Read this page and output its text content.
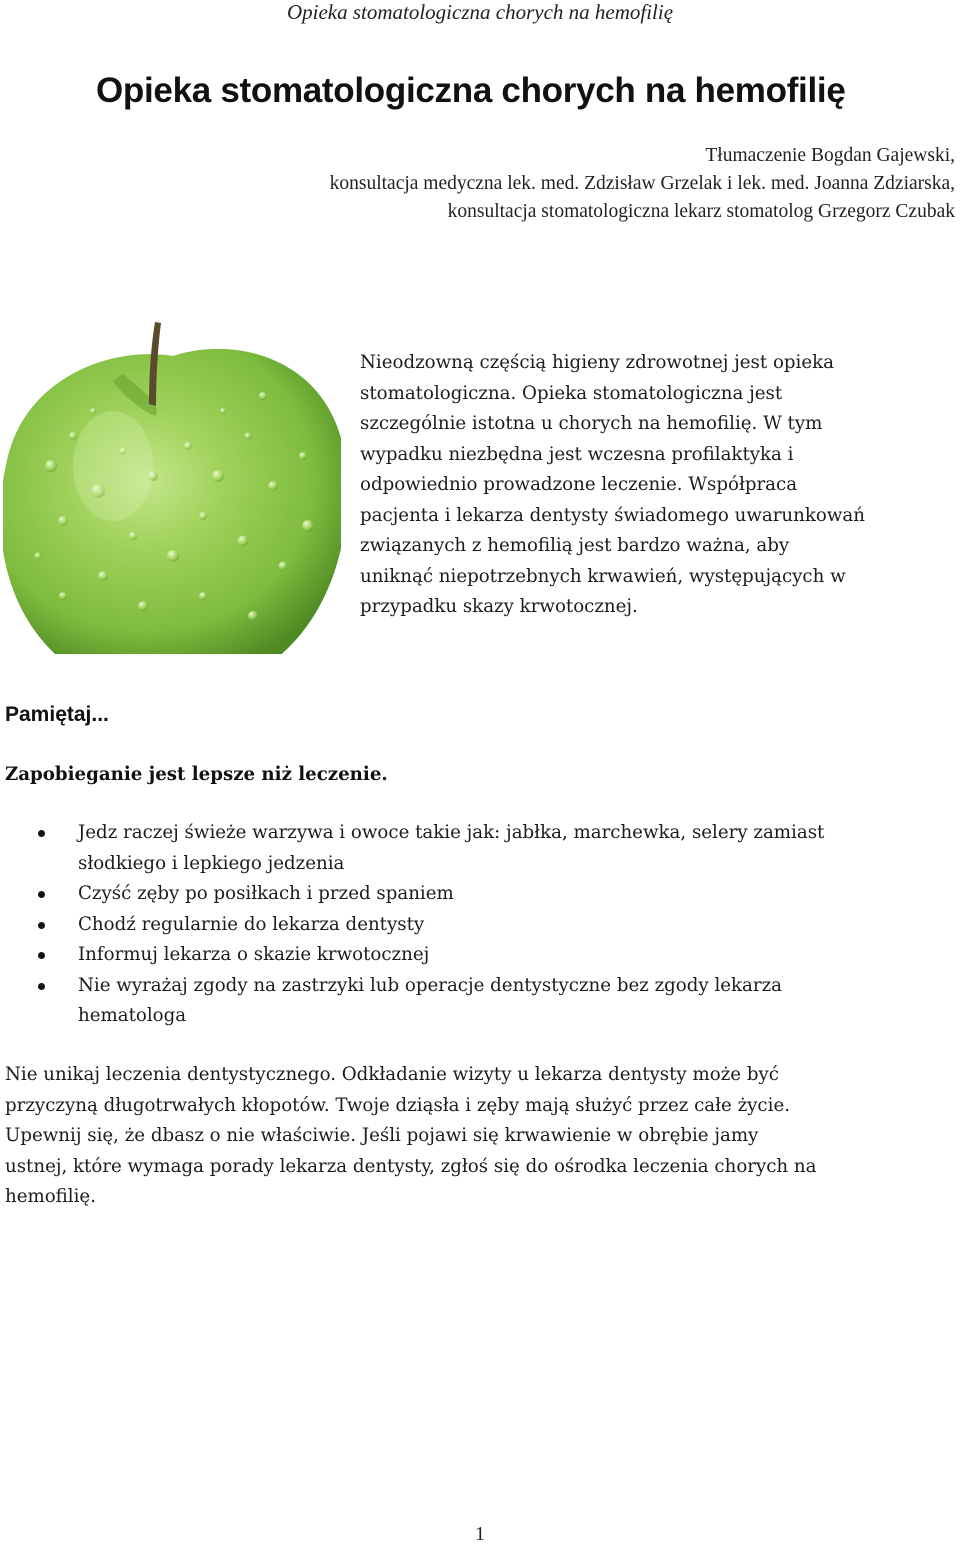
Opieka stomatologiczna chorych na hemofilię
Opieka stomatologiczna chorych na hemofilię
Tłumaczenie Bogdan Gajewski,
konsultacja medyczna lek. med. Zdzisław Grzelak i lek. med. Joanna Zdziarska,
konsultacja stomatologiczna lekarz stomatolog Grzegorz Czubak
Nieodzowną częścią higieny zdrowotnej jest opieka
stomatologiczna. Opieka stomatologiczna jest
szczególnie istotna u chorych na hemofilię. W tym
wypadku niezbędna jest wczesna profilaktyka i
odpowiednio prowadzone leczenie. Współpraca
pacjenta i lekarza dentysty świadomego uwarunkowań
związanych z hemofilią jest bardzo ważna, aby
uniknąć niepotrzebnych krwawień, występujących w
przypadku skazy krwotocznej.
Pamiętaj...
Zapobieganie jest lepsze niż leczenie.
Jedz raczej świeże warzywa i owoce takie jak: jabłka, marchewka, selery zamiast
słodkiego i lepkiego jedzenia
Czyść zęby po posiłkach i przed spaniem
Chodź regularnie do lekarza dentysty
Informuj lekarza o skazie krwotocznej
Nie wyrażaj zgody na zastrzyki lub operacje dentystyczne bez zgody lekarza
hematologa
Nie unikaj leczenia dentystycznego. Odkładanie wizyty u lekarza dentysty może być
przyczyną długotrwałych kłopotów. Twoje dziąsła i zęby mają służyć przez całe życie.
Upewnij się, że dbasz o nie właściwie. Jeśli pojawi się krwawienie w obrębie jamy
ustnej, które wymaga porady lekarza dentysty, zgłoś się do ośrodka leczenia chorych na
hemofilię.
1
